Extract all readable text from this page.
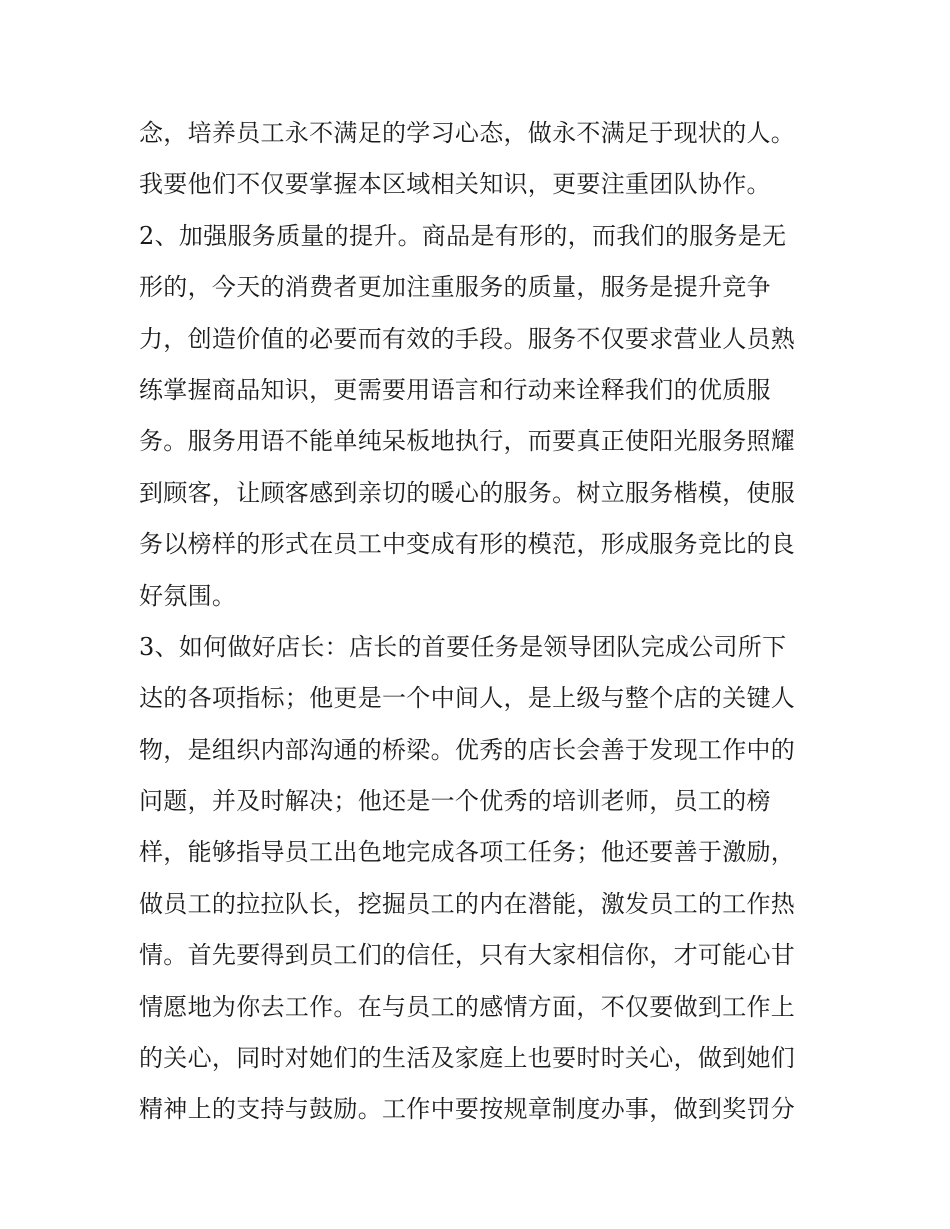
念，培养员工永不满足的学习心态，做永不满足于现状的人。
我要他们不仅要掌握本区域相关知识，更要注重团队协作。
2、加强服务质量的提升。商品是有形的，而我们的服务是无
形的，今天的消费者更加注重服务的质量，服务是提升竞争
力，创造价值的必要而有效的手段。服务不仅要求营业人员熟
练掌握商品知识，更需要用语言和行动来诠释我们的优质服
务。服务用语不能单纯呆板地执行，而要真正使阳光服务照耀
到顾客，让顾客感到亲切的暖心的服务。树立服务楷模，使服
务以榜样的形式在员工中变成有形的模范，形成服务竞比的良
好氛围。
3、如何做好店长：店长的首要任务是领导团队完成公司所下
达的各项指标；他更是一个中间人，是上级与整个店的关键人
物，是组织内部沟通的桥梁。优秀的店长会善于发现工作中的
问题，并及时解决；他还是一个优秀的培训老师，员工的榜
样，能够指导员工出色地完成各项工任务；他还要善于激励，
做员工的拉拉队长，挖掘员工的内在潜能，激发员工的工作热
情。首先要得到员工们的信任，只有大家相信你，才可能心甘
情愿地为你去工作。在与员工的感情方面，不仅要做到工作上
的关心，同时对她们的生活及家庭上也要时时关心，做到她们
精神上的支持与鼓励。工作中要按规章制度办事，做到奖罚分
